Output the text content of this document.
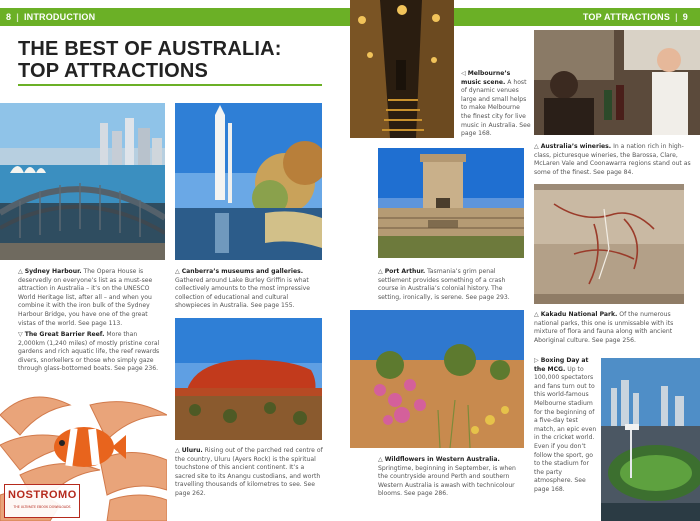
8 | INTRODUCTION	TOP ATTRACTIONS | 9
THE BEST OF AUSTRALIA:
TOP ATTRACTIONS
△ Sydney Harbour. The Opera House is deservedly on everyone’s list as a must-see attraction in Australia – it’s on the UNESCO World Heritage list, after all – and when you combine it with the iron bulk of the Sydney Harbour Bridge, you have one of the great vistas of the world. See page 113.
▽ The Great Barrier Reef. More than 2,000km (1,240 miles) of mostly pristine coral gardens and rich aquatic life, the reef rewards divers, snorkellers or those who simply gaze through glass-bottomed boats. See page 236.
NOSTROMO
THE ULTIMATE EBOOK DOWNLOADS
△ Canberra’s museums and galleries. Gathered around Lake Burley Griffin is what collectively amounts to the most impressive collection of educational and cultural showpieces in Australia. See page 155.
△ Uluru. Rising out of the parched red centre of the country, Uluru (Ayers Rock) is the spiritual touchstone of this ancient continent. It’s a sacred site to its Anangu custodians, and worth travelling thousands of kilometres to see. See page 262.
◁ Melbourne’s music scene. A host of dynamic venues large and small helps to make Melbourne the finest city for live music in Australia. See page 168.
△ Port Arthur. Tasmania’s grim penal settlement provides something of a crash course in Australia’s colonial history. The setting, ironically, is serene. See page 293.
△ Wildflowers in Western Australia. Springtime, beginning in September, is when the countryside around Perth and southern Western Australia is awash with technicolour blooms. See page 286.
△ Australia’s wineries. In a nation rich in high-class, picturesque wineries, the Barossa, Clare, McLaren Vale and Coonawarra regions stand out as some of the finest. See page 84.
△ Kakadu National Park. Of the numerous national parks, this one is unmissable with its mixture of flora and fauna along with ancient Aboriginal culture. See page 256.
▷ Boxing Day at the MCG. Up to 100,000 spectators and fans turn out to this world-famous Melbourne stadium for the beginning of a five-day test match, an epic even in the cricket world. Even if you don’t follow the sport, go to the stadium for the party atmosphere. See page 168.
